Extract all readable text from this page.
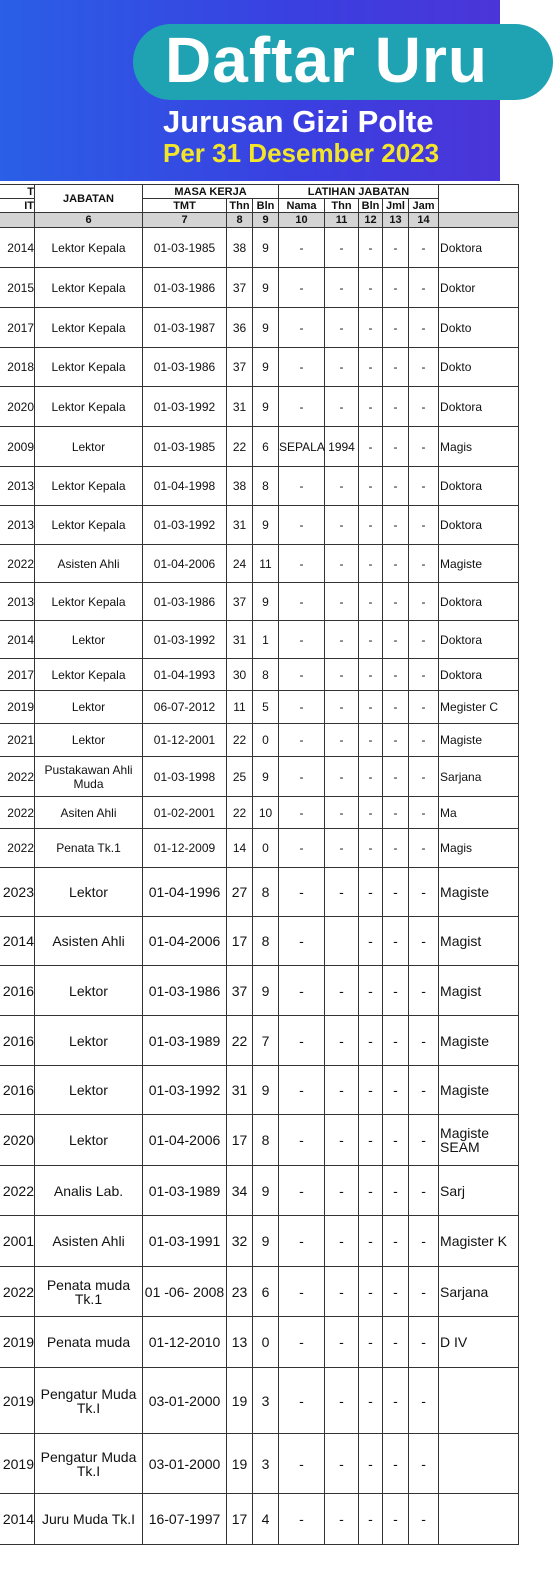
Daftar Uru
Jurusan Gizi Polte
Per 31 Desember 2023
T	JABATAN	MASA KERJA			LATIHAN JABATAN					
IT		TMT	Thn	Bln	Nama	Thn	Bln	Jml	Jam	
	6	7	8	9	10	11	12	13	14	
2014	Lektor Kepala	01-03-1985	38	9	-	-	-	-	-	Doktora
2015	Lektor Kepala	01-03-1986	37	9	-	-	-	-	-	Doktor
2017	Lektor Kepala	01-03-1987	36	9	-	-	-	-	-	Dokto
2018	Lektor Kepala	01-03-1986	37	9	-	-	-	-	-	Dokto
2020	Lektor Kepala	01-03-1992	31	9	-	-	-	-	-	Doktora
2009	Lektor	01-03-1985	22	6	SEPALA	1994	-	-	-	Magis
2013	Lektor Kepala	01-04-1998	38	8	-	-	-	-	-	Doktora
2013	Lektor Kepala	01-03-1992	31	9	-	-	-	-	-	Doktora
2022	Asisten Ahli	01-04-2006	24	11	-	-	-	-	-	Magiste
2013	Lektor Kepala	01-03-1986	37	9	-	-	-	-	-	Doktora
2014	Lektor	01-03-1992	31	1	-	-	-	-	-	Doktora
2017	Lektor Kepala	01-04-1993	30	8	-	-	-	-	-	Doktora
2019	Lektor	06-07-2012	11	5	-	-	-	-	-	Megister C
2021	Lektor	01-12-2001	22	0	-	-	-	-	-	Magiste
2022	Pustakawan Ahli Muda	01-03-1998	25	9	-	-	-	-	-	Sarjana
2022	Asiten Ahli	01-02-2001	22	10	-	-	-	-	-	Ma
2022	Penata Tk.1	01-12-2009	14	0	-	-	-	-	-	Magis
2023	Lektor	01-04-1996	27	8	-	-	-	-	-	Magiste
2014	Asisten Ahli	01-04-2006	17	8	-		-	-	-	Magist
2016	Lektor	01-03-1986	37	9	-	-	-	-	-	Magist
2016	Lektor	01-03-1989	22	7	-	-	-	-	-	Magiste
2016	Lektor	01-03-1992	31	9	-	-	-	-	-	Magiste
2020	Lektor	01-04-2006	17	8	-	-	-	-	-	Magiste SEAM
2022	Analis Lab.	01-03-1989	34	9	-	-	-	-	-	Sarj
2001	Asisten Ahli	01-03-1991	32	9	-	-	-	-	-	Magister K
2022	Penata muda Tk.1	01 -06- 2008	23	6	-	-	-	-	-	Sarjana
2019	Penata muda	01-12-2010	13	0	-	-	-	-	-	D IV
2019	Pengatur Muda Tk.I	03-01-2000	19	3	-	-	-	-	-	
2019	Pengatur Muda Tk.I	03-01-2000	19	3	-	-	-	-	-	
2014	Juru Muda Tk.I	16-07-1997	17	4	-	-	-	-	-	
